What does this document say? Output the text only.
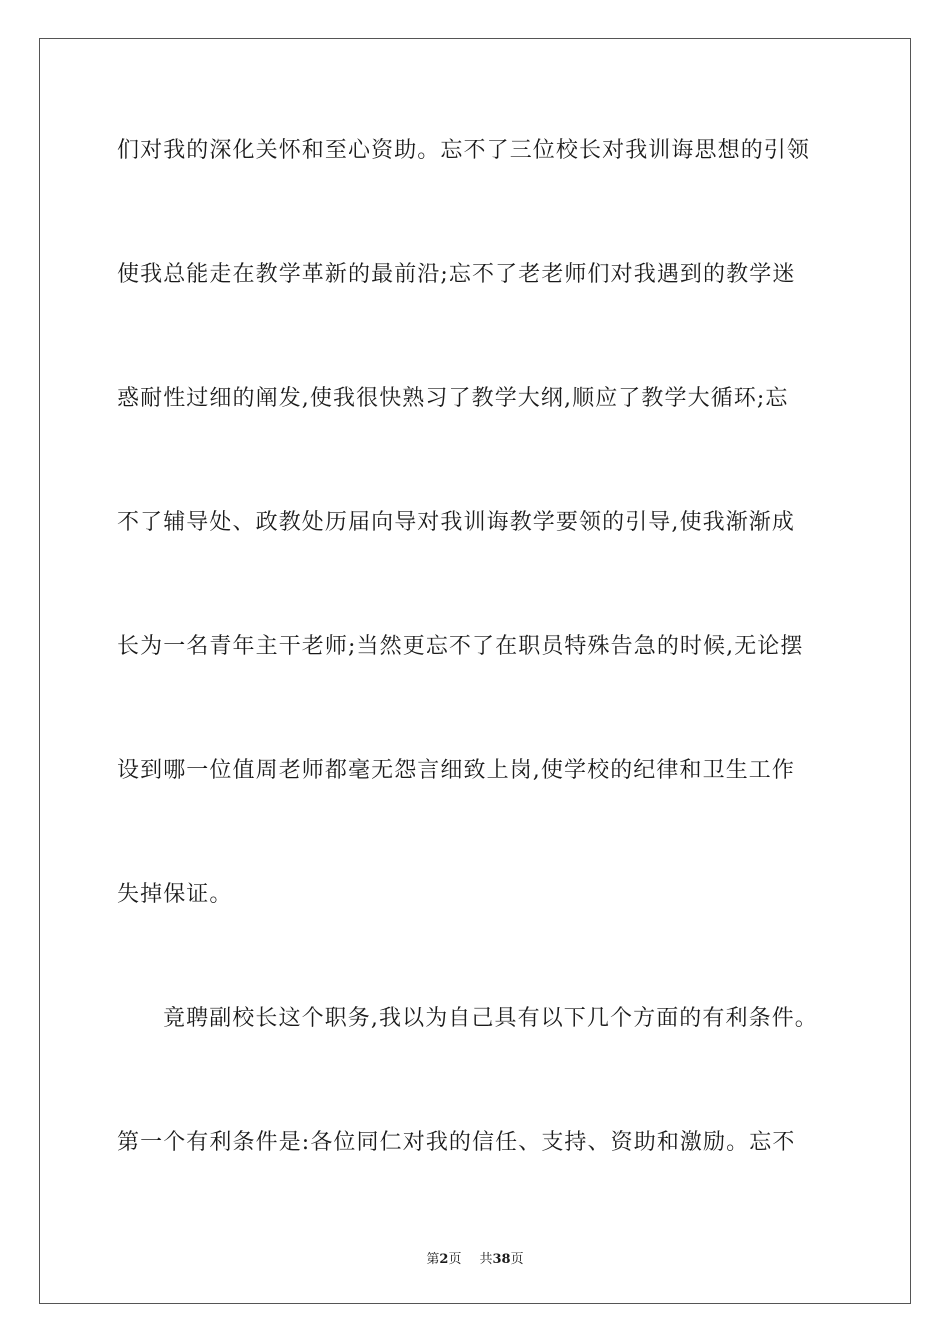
们对我的深化关怀和至心资助。忘不了三位校长对我训诲思想的引领
使我总能走在教学革新的最前沿;忘不了老老师们对我遇到的教学迷
惑耐性过细的阐发,使我很快熟习了教学大纲,顺应了教学大循环;忘
不了辅导处、政教处历届向导对我训诲教学要领的引导,使我渐渐成
长为一名青年主干老师;当然更忘不了在职员特殊告急的时候,无论摆
设到哪一位值周老师都毫无怨言细致上岗,使学校的纪律和卫生工作
失掉保证。
竟聘副校长这个职务,我以为自己具有以下几个方面的有利条件。
第一个有利条件是:各位同仁对我的信任、支持、资助和激励。忘不
第2页 共38页
